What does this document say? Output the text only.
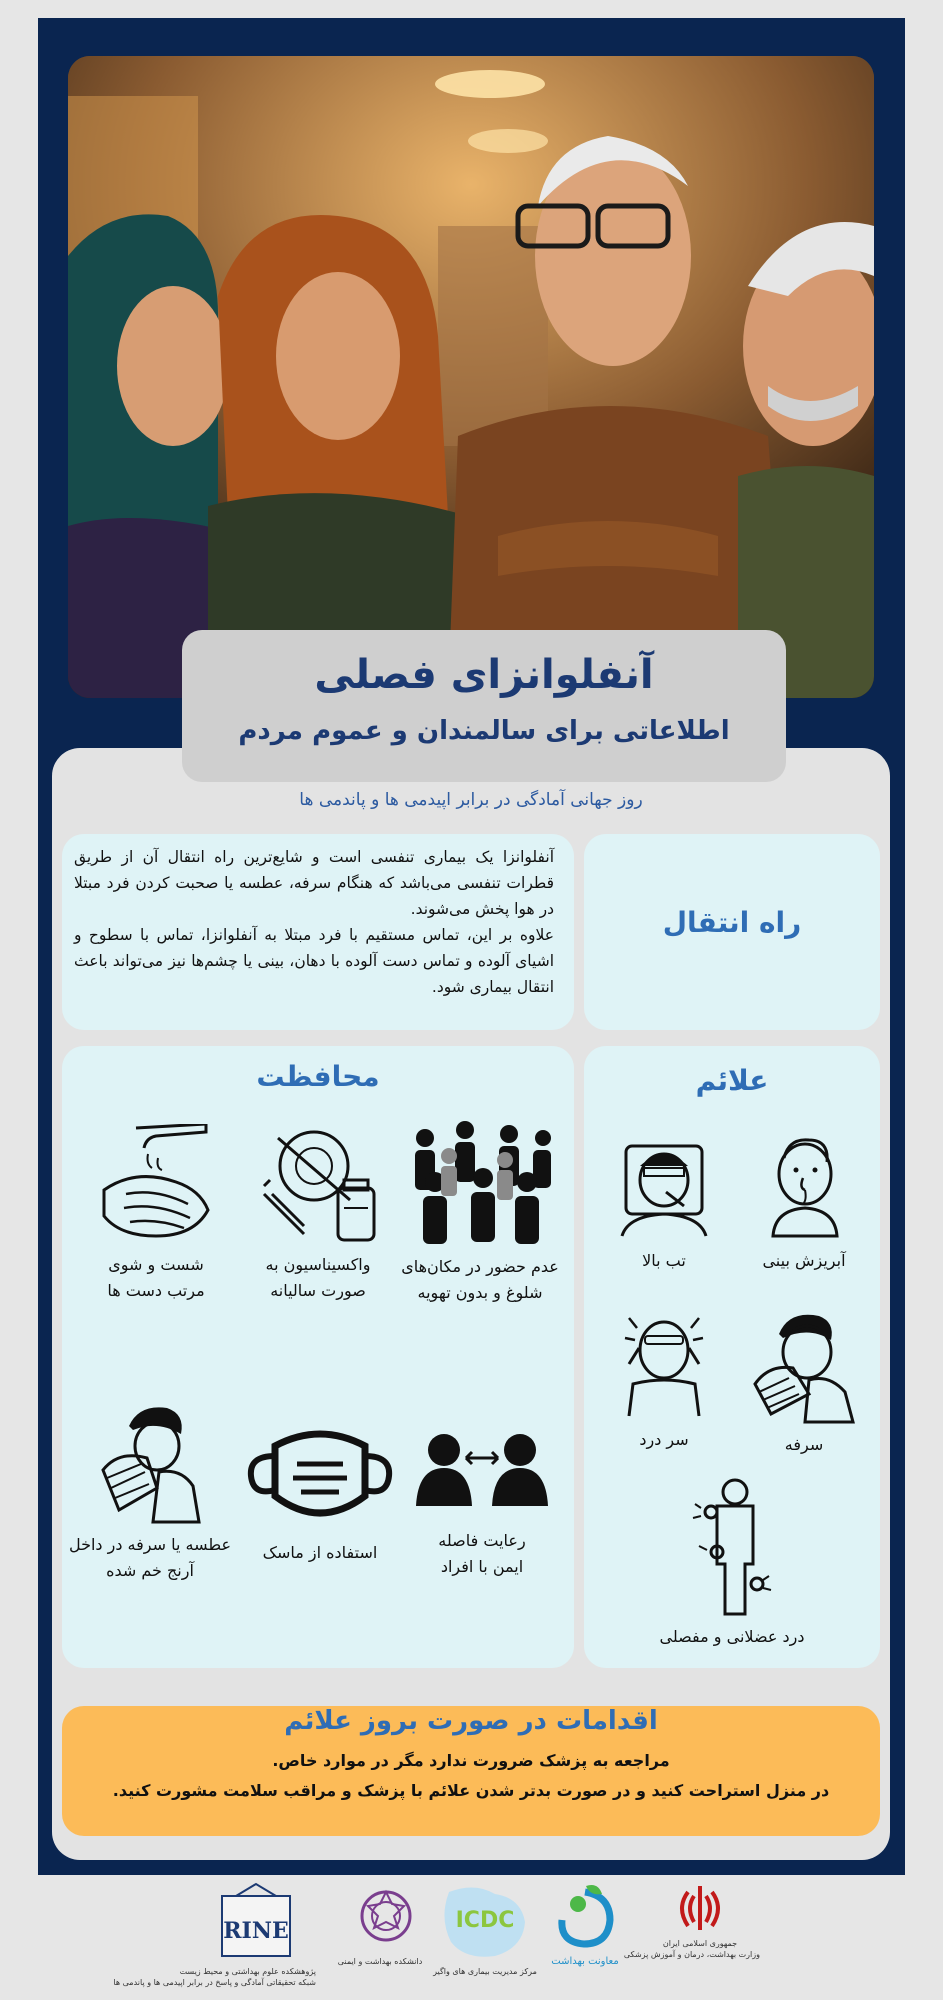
آنفلوانزای فصلی
اطلاعاتی برای سالمندان و عموم مردم
روز جهانی آمادگی در برابر اپیدمی ها و پاندمی ها
راه انتقال

آنفلوانزا یک بیماری تنفسی است و شایع‌ترین راه انتقال آن از طریق قطرات تنفسی می‌باشد که هنگام سرفه، عطسه یا صحبت کردن فرد مبتلا در هوا پخش می‌شوند.

علاوه بر این، تماس مستقیم با فرد مبتلا به آنفلوانزا، تماس با سطوح و اشیای آلوده و تماس دست آلوده با دهان، بینی یا چشم‌ها نیز می‌تواند باعث انتقال بیماری شود.

علائم
آبریزش بینی
تب بالا
سرفه
سر درد
درد عضلانی و مفصلی
محافظت
عدم حضور در مکان‌های
شلوغ و بدون تهویه
واکسیناسیون به
صورت سالیانه
شست و شوی
مرتب دست ها
رعایت فاصله
ایمن با افراد
استفاده از ماسک
عطسه یا سرفه در داخل
آرنج خم شده
اقدامات در صورت بروز علائم
مراجعه به پزشک ضرورت ندارد مگر در موارد خاص.
در منزل استراحت کنید و در صورت بدتر شدن علائم با پزشک و مراقب سلامت مشورت کنید.
جمهوری اسلامی ایران
وزارت بهداشت، درمان و آموزش پزشکی
معاونت بهداشت
ICDC
مرکز مدیریت بیماری های واگیر
دانشکده بهداشت و ایمنی
RINE
پژوهشکده علوم بهداشتی و محیط زیست
شبکه تحقیقاتی آمادگی و پاسخ در برابر اپیدمی ها و پاندمی ها
